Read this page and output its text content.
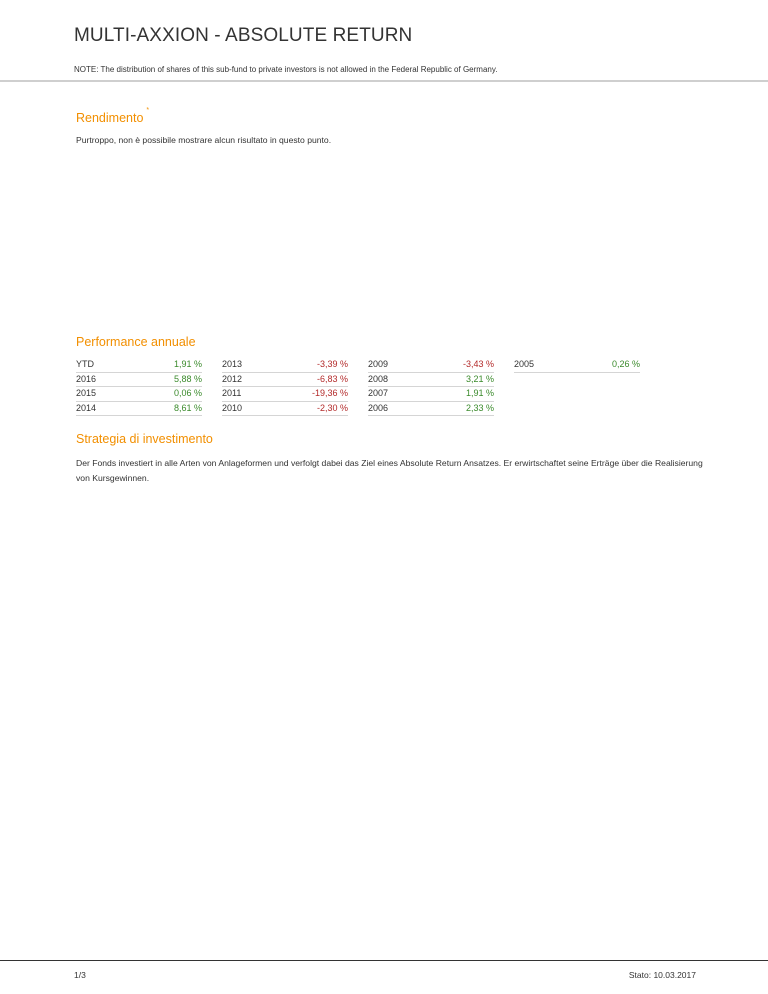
MULTI-AXXION - ABSOLUTE RETURN
NOTE: The distribution of shares of this sub-fund to private investors is not allowed in the Federal Republic of Germany.
Rendimento*
Purtroppo, non è possibile mostrare alcun risultato in questo punto.
Performance annuale
YTD	1,91 %
2016	5,88 %
2015	0,06 %
2014	8,61 %
2013	-3,39 %
2012	-6,83 %
2011	-19,36 %
2010	-2,30 %
2009	-3,43 %
2008	3,21 %
2007	1,91 %
2006	2,33 %
2005	0,26 %
Strategia di investimento
Der Fonds investiert in alle Arten von Anlageformen und verfolgt dabei das Ziel eines Absolute Return Ansatzes. Er erwirtschaftet seine Erträge über die Realisierung von Kursgewinnen.
1/3	Stato: 10.03.2017
